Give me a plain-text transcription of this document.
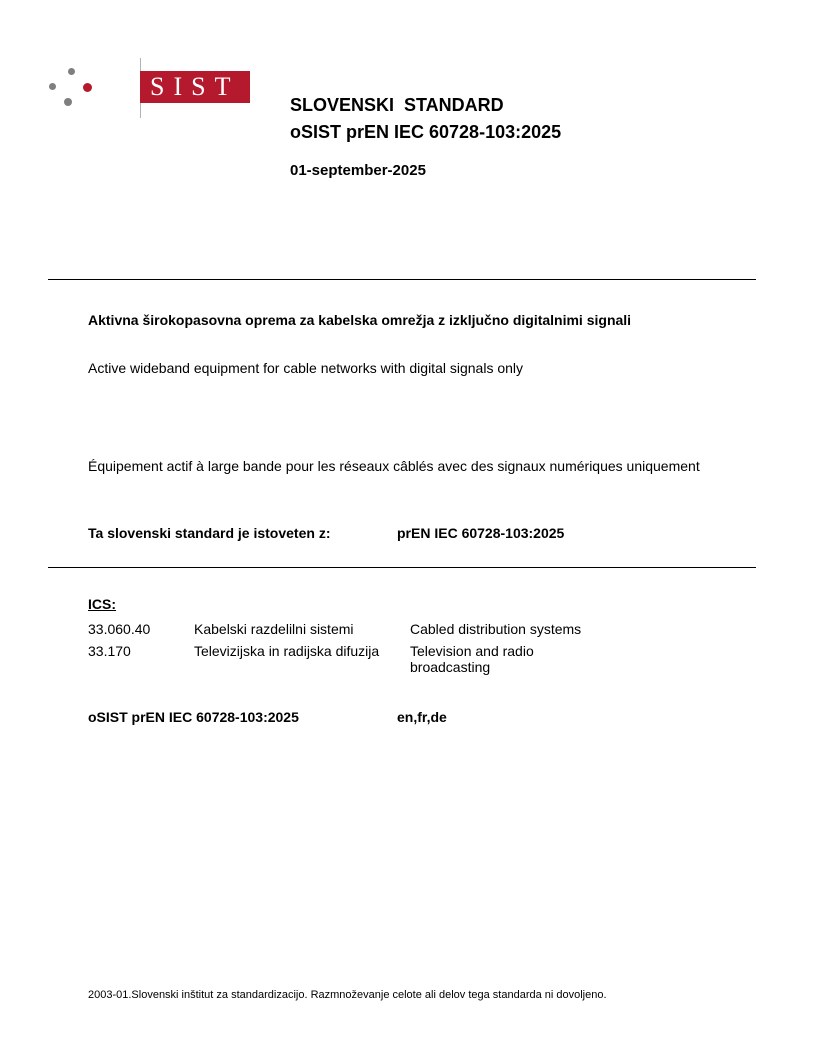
SIST
SLOVENSKI  STANDARD
oSIST prEN IEC 60728-103:2025
01-september-2025
Aktivna širokopasovna oprema za kabelska omrežja z izključno digitalnimi signali
Active wideband equipment for cable networks with digital signals only
Équipement actif à large bande pour les réseaux câblés avec des signaux numériques uniquement
Ta slovenski standard je istoveten z:	prEN IEC 60728-103:2025
ICS:
33.060.40	Kabelski razdelilni sistemi	Cabled distribution systems
33.170	Televizijska in radijska difuzija	Television and radio broadcasting
oSIST prEN IEC 60728-103:2025	en,fr,de
2003-01.Slovenski inštitut za standardizacijo. Razmnoževanje celote ali delov tega standarda ni dovoljeno.
